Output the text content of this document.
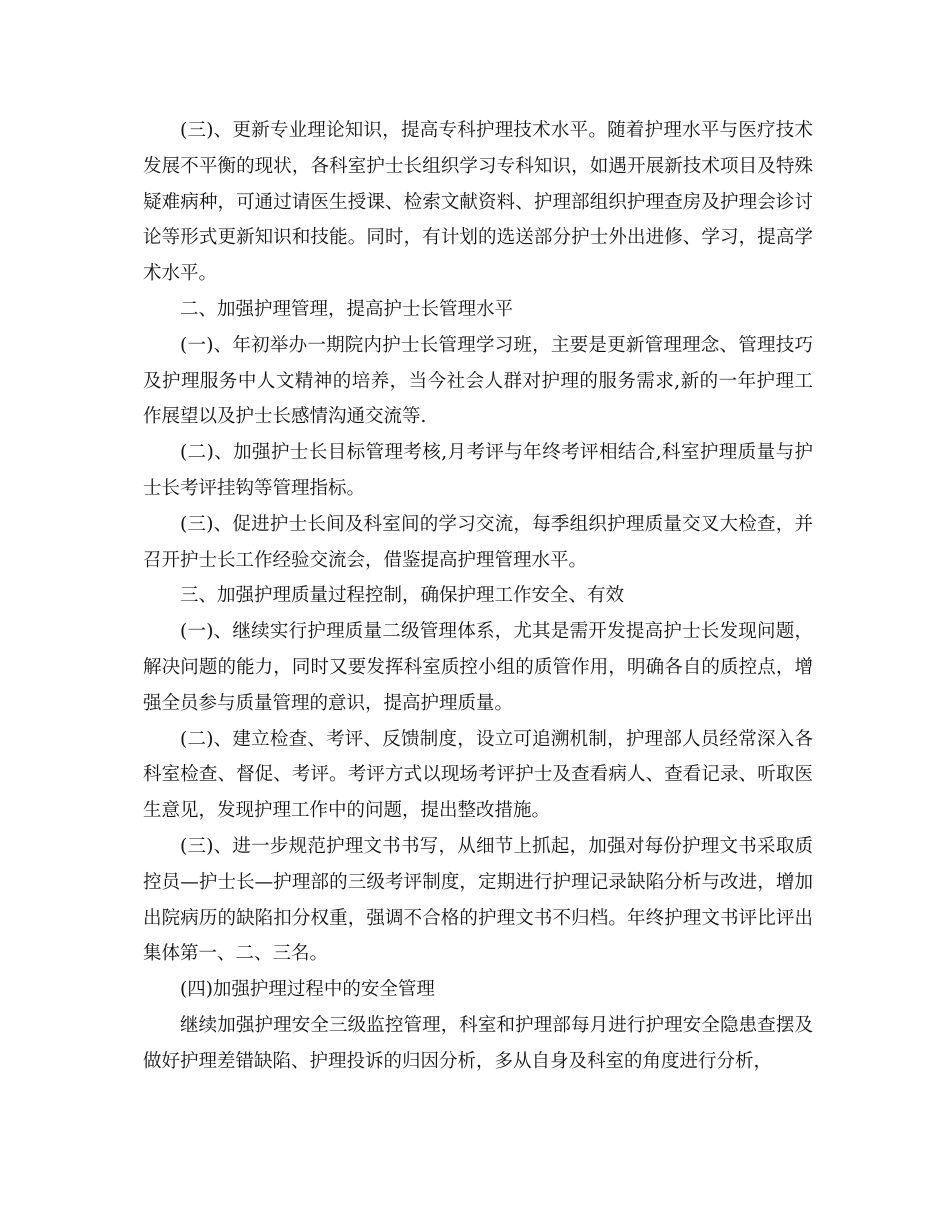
(三)、更新专业理论知识，提高专科护理技术水平。随着护理水平与医疗技术发展不平衡的现状，各科室护士长组织学习专科知识，如遇开展新技术项目及特殊疑难病种，可通过请医生授课、检索文献资料、护理部组织护理查房及护理会诊讨论等形式更新知识和技能。同时，有计划的选送部分护士外出进修、学习，提高学术水平。

二、加强护理管理，提高护士长管理水平

(一)、年初举办一期院内护士长管理学习班，主要是更新管理理念、管理技巧及护理服务中人文精神的培养，当今社会人群对护理的服务需求,新的一年护理工作展望以及护士长感情沟通交流等.

(二)、加强护士长目标管理考核,月考评与年终考评相结合,科室护理质量与护士长考评挂钩等管理指标。

(三)、促进护士长间及科室间的学习交流，每季组织护理质量交叉大检查，并召开护士长工作经验交流会，借鉴提高护理管理水平。

三、加强护理质量过程控制，确保护理工作安全、有效

(一)、继续实行护理质量二级管理体系，尤其是需开发提高护士长发现问题，解决问题的能力，同时又要发挥科室质控小组的质管作用，明确各自的质控点，增强全员参与质量管理的意识，提高护理质量。

(二)、建立检查、考评、反馈制度，设立可追溯机制，护理部人员经常深入各科室检查、督促、考评。考评方式以现场考评护士及查看病人、查看记录、听取医生意见，发现护理工作中的问题，提出整改措施。

(三)、进一步规范护理文书书写，从细节上抓起，加强对每份护理文书采取质控员—护士长—护理部的三级考评制度，定期进行护理记录缺陷分析与改进，增加出院病历的缺陷扣分权重，强调不合格的护理文书不归档。年终护理文书评比评出集体第一、二、三名。

(四)加强护理过程中的安全管理

继续加强护理安全三级监控管理，科室和护理部每月进行护理安全隐患查摆及做好护理差错缺陷、护理投诉的归因分析，多从自身及科室的角度进行分析，
